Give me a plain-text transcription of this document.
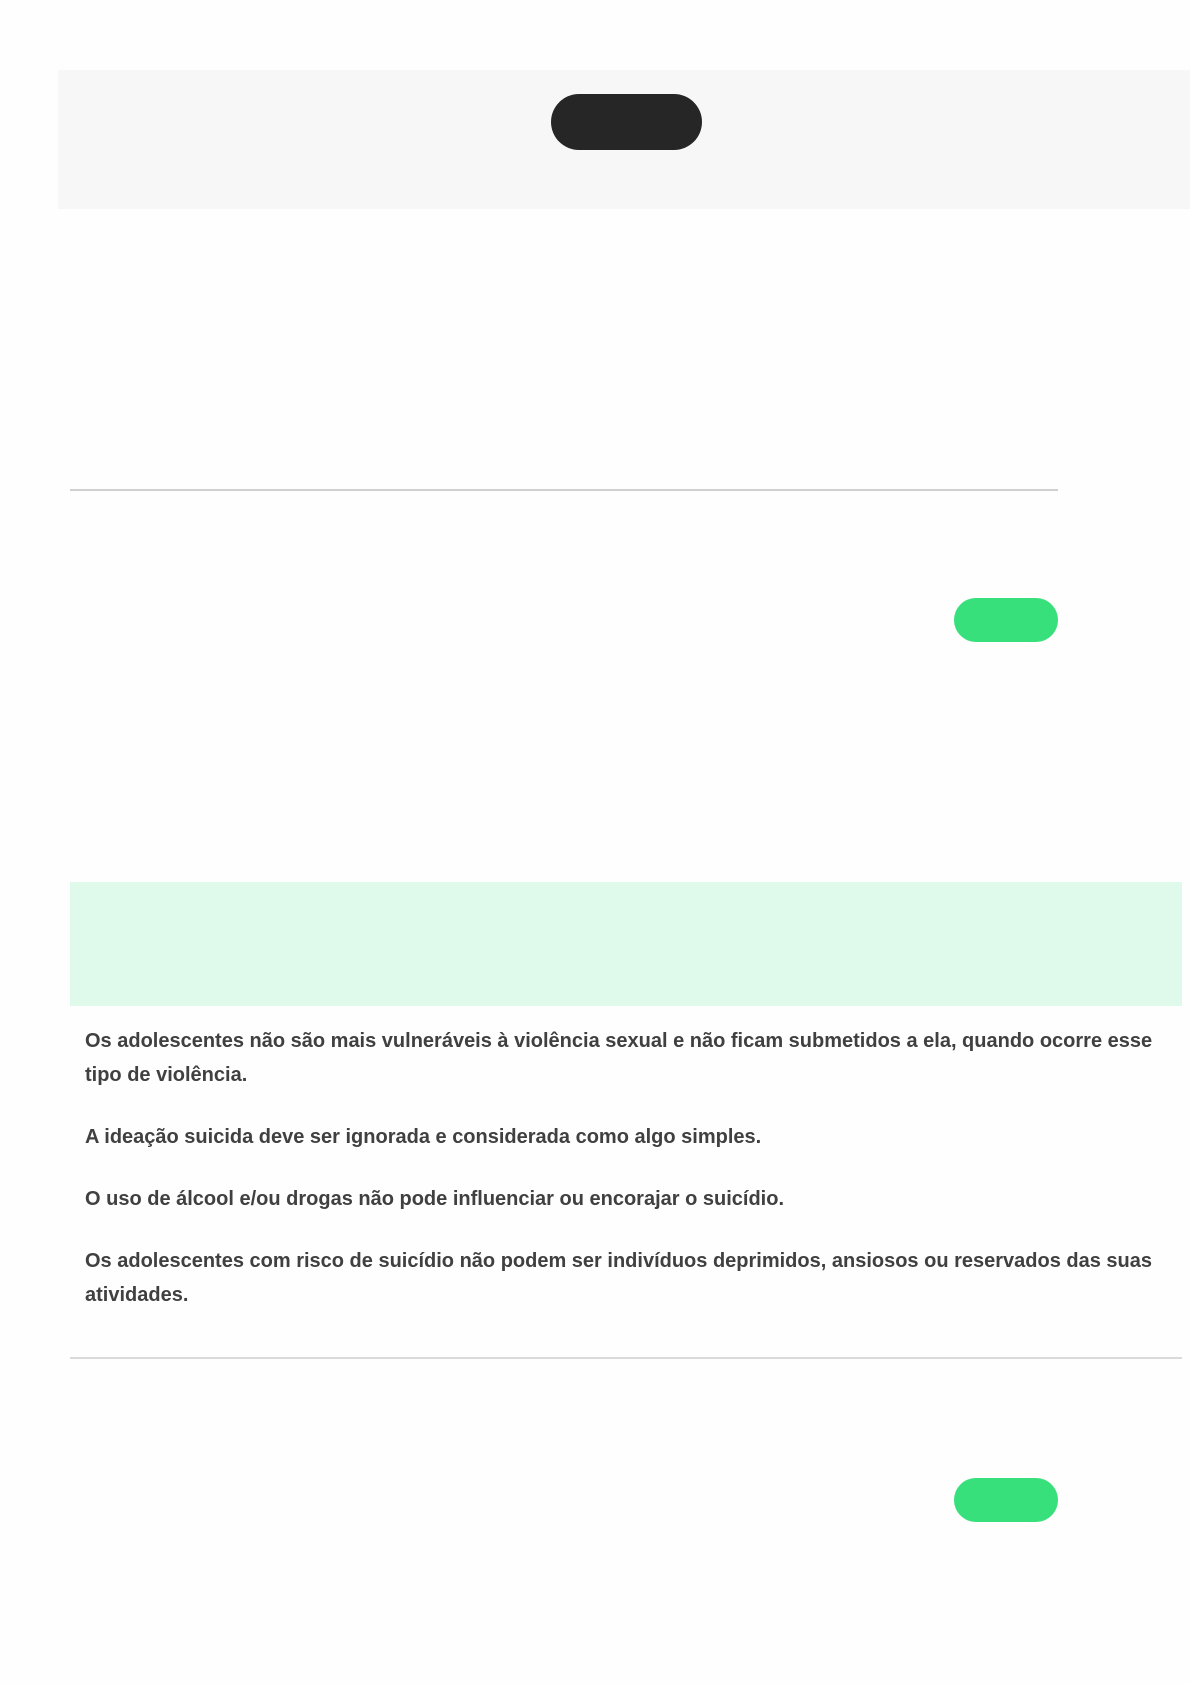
Os adolescentes não são mais vulneráveis à violência sexual e não ficam submetidos a ela, quando ocorre esse tipo de violência.
A ideação suicida deve ser ignorada e considerada como algo simples.
O uso de álcool e/ou drogas não pode influenciar ou encorajar o suicídio.
Os adolescentes com risco de suicídio não podem ser indivíduos deprimidos, ansiosos ou reservados das suas atividades.
